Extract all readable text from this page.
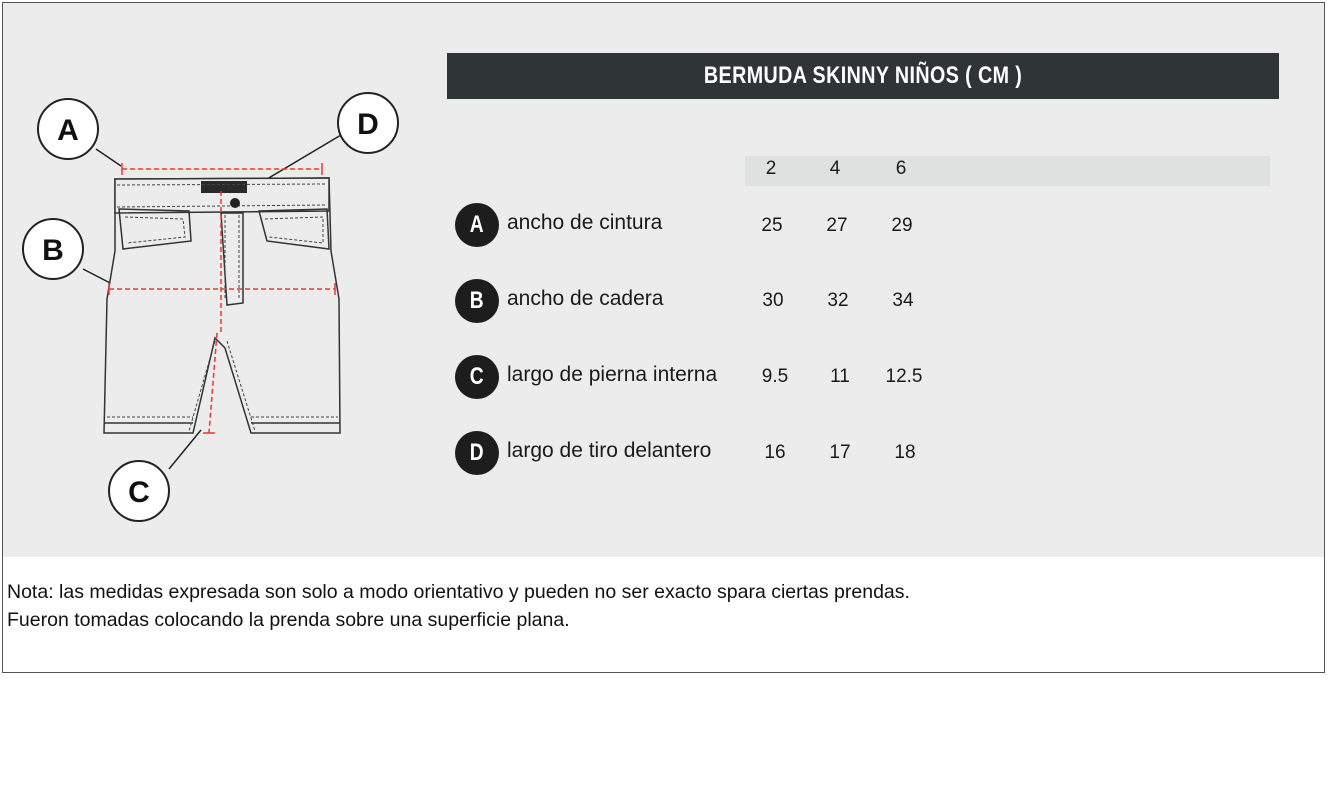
A	D
B
C
BERMUDA SKINNY NIÑOS ( CM )
2	4	6
A ancho de cintura	25	27	29
B ancho de cadera	30	32	34
C largo de pierna interna	9.5	11	12.5
D largo de tiro delantero	16	17	18
Nota: las medidas expresada son solo a modo orientativo y pueden no ser exacto spara ciertas prendas.
Fueron tomadas colocando la prenda sobre una superficie plana.
